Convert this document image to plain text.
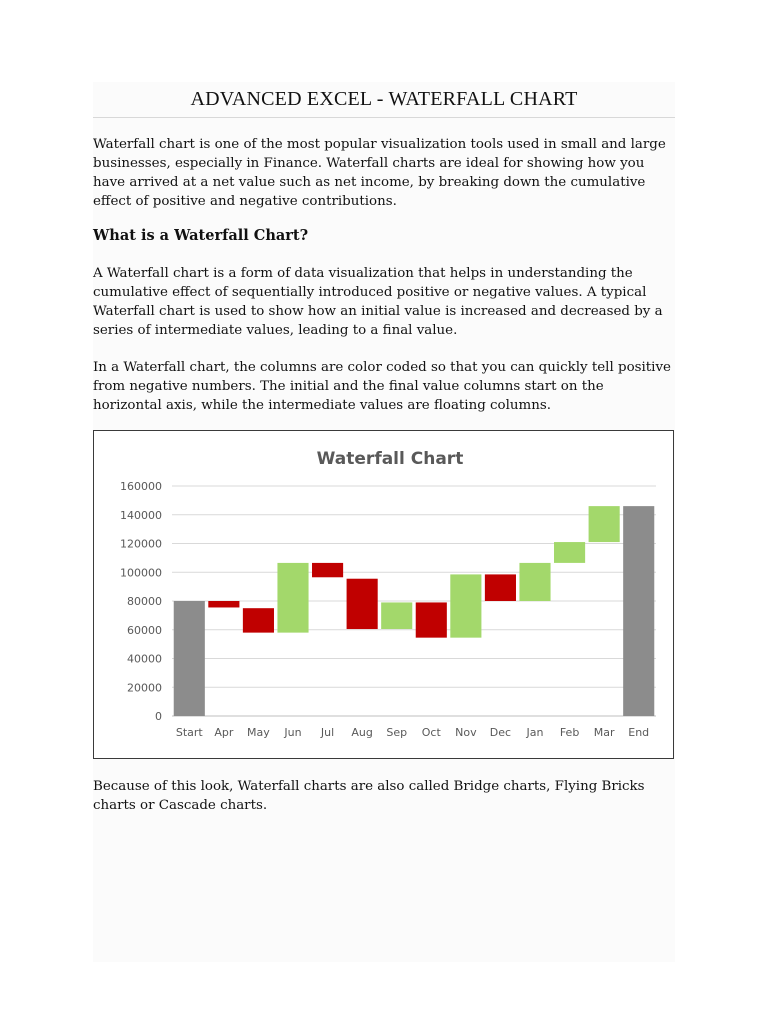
ADVANCED EXCEL - WATERFALL CHART

Waterfall chart is one of the most popular visualization tools used in small and large businesses, especially in Finance. Waterfall charts are ideal for showing how you have arrived at a net value such as net income, by breaking down the cumulative effect of positive and negative contributions.

What is a Waterfall Chart?

A Waterfall chart is a form of data visualization that helps in understanding the cumulative effect of sequentially introduced positive or negative values. A typical Waterfall chart is used to show how an initial value is increased and decreased by a series of intermediate values, leading to a final value.

In a Waterfall chart, the columns are color coded so that you can quickly tell positive from negative numbers. The initial and the final value columns start on the horizontal axis, while the intermediate values are floating columns.

Waterfall Chart
0
20000
40000
60000
80000
100000
120000
140000
160000
Start Apr May Jun Jul Aug Sep Oct Nov Dec Jan Feb Mar End

Because of this look, Waterfall charts are also called Bridge charts, Flying Bricks charts or Cascade charts.
